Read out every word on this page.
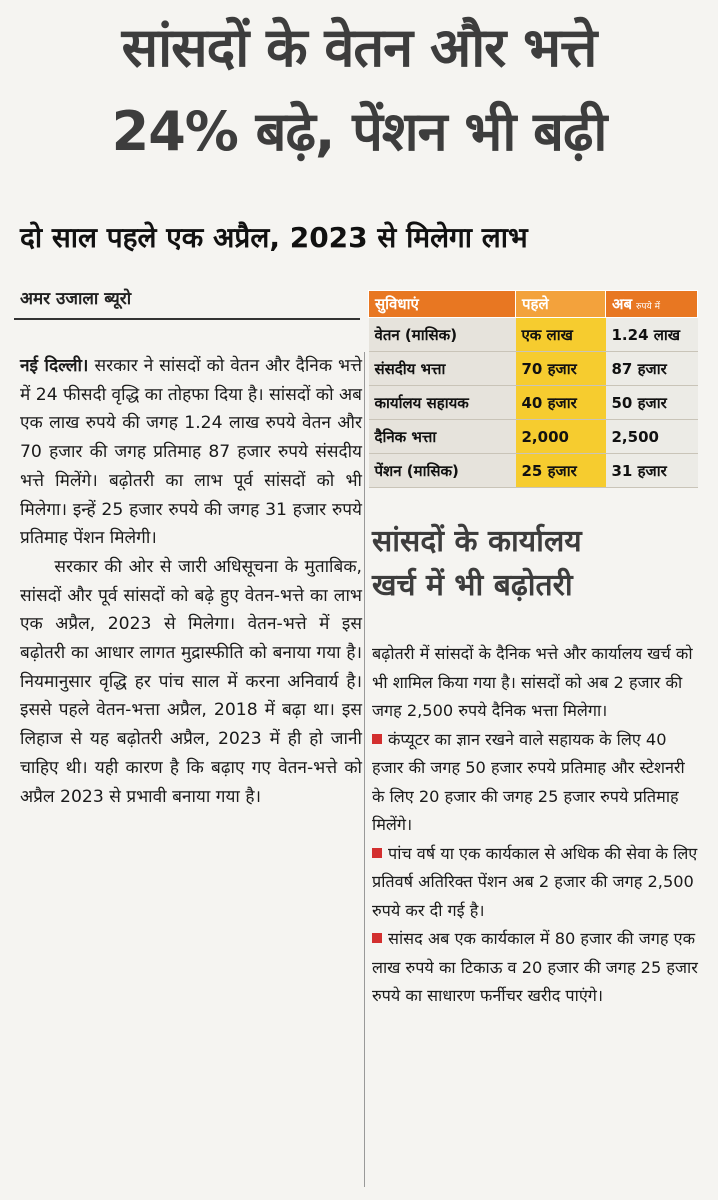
सांसदों के वेतन और भत्ते
24% बढ़े, पेंशन भी बढ़ी
दो साल पहले एक अप्रैल, 2023 से मिलेगा लाभ
अमर उजाला ब्यूरो

नई दिल्ली। सरकार ने सांसदों को वेतन और दैनिक भत्ते में 24 फीसदी वृद्धि का तोहफा दिया है। सांसदों को अब एक लाख रुपये की जगह 1.24 लाख रुपये वेतन और 70 हजार की जगह प्रतिमाह 87 हजार रुपये संसदीय भत्ते मिलेंगे। बढ़ोतरी का लाभ पूर्व सांसदों को भी मिलेगा। इन्हें 25 हजार रुपये की जगह 31 हजार रुपये प्रतिमाह पेंशन मिलेगी।

सरकार की ओर से जारी अधिसूचना के मुताबिक, सांसदों और पूर्व सांसदों को बढ़े हुए वेतन-भत्ते का लाभ एक अप्रैल, 2023 से मिलेगा। वेतन-भत्ते में इस बढ़ोतरी का आधार लागत मुद्रास्फीति को बनाया गया है। नियमानुसार वृद्धि हर पांच साल में करना अनिवार्य है। इससे पहले वेतन-भत्ता अप्रैल, 2018 में बढ़ा था। इस लिहाज से यह बढ़ोतरी अप्रैल, 2023 में ही हो जानी चाहिए थी। यही कारण है कि बढ़ाए गए वेतन-भत्ते को अप्रैल 2023 से प्रभावी बनाया गया है।

सुविधाएं	पहले	अब रुपये में
वेतन (मासिक)	एक लाख	1.24 लाख
संसदीय भत्ता	70 हजार	87 हजार
कार्यालय सहायक	40 हजार	50 हजार
दैनिक भत्ता	2,000	2,500
पेंशन (मासिक)	25 हजार	31 हजार
सांसदों के कार्यालय
खर्च में भी बढ़ोतरी

बढ़ोतरी में सांसदों के दैनिक भत्ते और कार्यालय खर्च को भी शामिल किया गया है। सांसदों को अब 2 हजार की जगह 2,500 रुपये दैनिक भत्ता मिलेगा।

कंप्यूटर का ज्ञान रखने वाले सहायक के लिए 40 हजार की जगह 50 हजार रुपये प्रतिमाह और स्टेशनरी के लिए 20 हजार की जगह 25 हजार रुपये प्रतिमाह मिलेंगे।

पांच वर्ष या एक कार्यकाल से अधिक की सेवा के लिए प्रतिवर्ष अतिरिक्त पेंशन अब 2 हजार की जगह 2,500 रुपये कर दी गई है।

सांसद अब एक कार्यकाल में 80 हजार की जगह एक लाख रुपये का टिकाऊ व 20 हजार की जगह 25 हजार रुपये का साधारण फर्नीचर खरीद पाएंगे।
